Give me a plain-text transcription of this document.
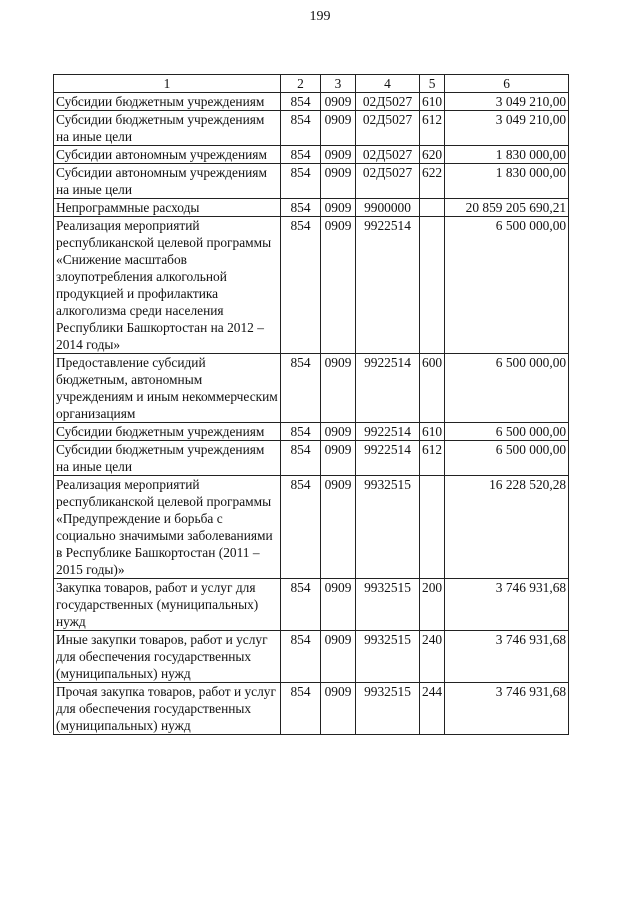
199
1	2	3	4	5	6
Субсидии бюджетным учреждениям	854	0909	02Д5027	610	3 049 210,00
Субсидии бюджетным учреждениям на иные цели	854	0909	02Д5027	612	3 049 210,00
Субсидии автономным учреждениям	854	0909	02Д5027	620	1 830 000,00
Субсидии автономным учреждениям на иные цели	854	0909	02Д5027	622	1 830 000,00
Непрограммные расходы	854	0909	9900000		20 859 205 690,21
Реализация мероприятий республиканской целевой программы «Снижение масштабов злоупотребления алкогольной продукцией и профилактика алкоголизма среди населения Республики Башкортостан на 2012 – 2014 годы»	854	0909	9922514		6 500 000,00
Предоставление субсидий бюджетным, автономным учреждениям и иным некоммерческим организациям	854	0909	9922514	600	6 500 000,00
Субсидии бюджетным учреждениям	854	0909	9922514	610	6 500 000,00
Субсидии бюджетным учреждениям на иные цели	854	0909	9922514	612	6 500 000,00
Реализация мероприятий республиканской целевой программы «Предупреждение и борьба с социально значимыми заболеваниями в Республике Башкортостан (2011 – 2015 годы)»	854	0909	9932515		16 228 520,28
Закупка товаров, работ и услуг для государственных (муниципальных) нужд	854	0909	9932515	200	3 746 931,68
Иные закупки товаров, работ и услуг для обеспечения государственных (муниципальных) нужд	854	0909	9932515	240	3 746 931,68
Прочая закупка товаров, работ и услуг для обеспечения государственных (муниципальных) нужд	854	0909	9932515	244	3 746 931,68
